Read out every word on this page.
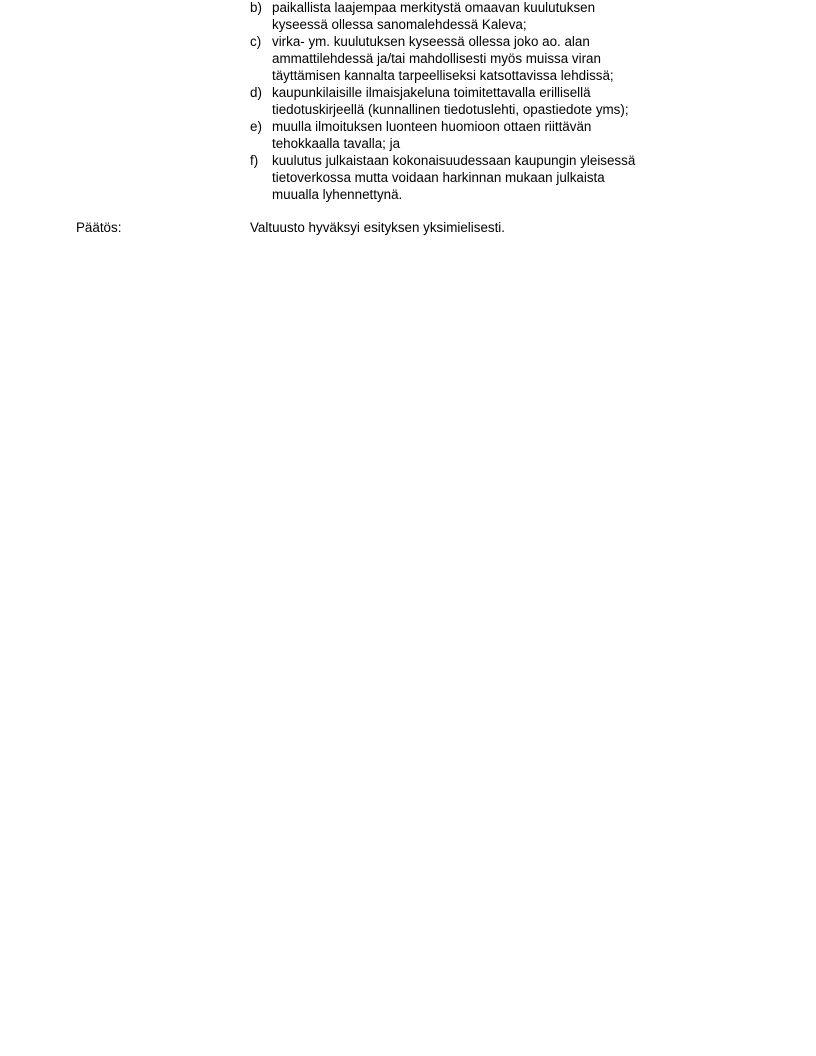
b) paikallista laajempaa merkitystä omaavan kuulutuksen
kyseessä ollessa sanomalehdessä Kaleva;
c) virka- ym. kuulutuksen kyseessä ollessa joko ao. alan
ammattilehdessä ja/tai mahdollisesti myös muissa viran
täyttämisen kannalta tarpeelliseksi katsottavissa lehdissä;
d) kaupunkilaisille ilmaisjakeluna toimitettavalla erillisellä
tiedotuskirjeellä (kunnallinen tiedotuslehti, opastiedote yms);
e) muulla ilmoituksen luonteen huomioon ottaen riittävän
tehokkaalla tavalla; ja
f)	kuulutus julkaistaan kokonaisuudessaan kaupungin yleisessä
tietoverkossa mutta voidaan harkinnan mukaan julkaista
muualla lyhennettynä.
Päätös:	Valtuusto hyväksyi esityksen yksimielisesti.
